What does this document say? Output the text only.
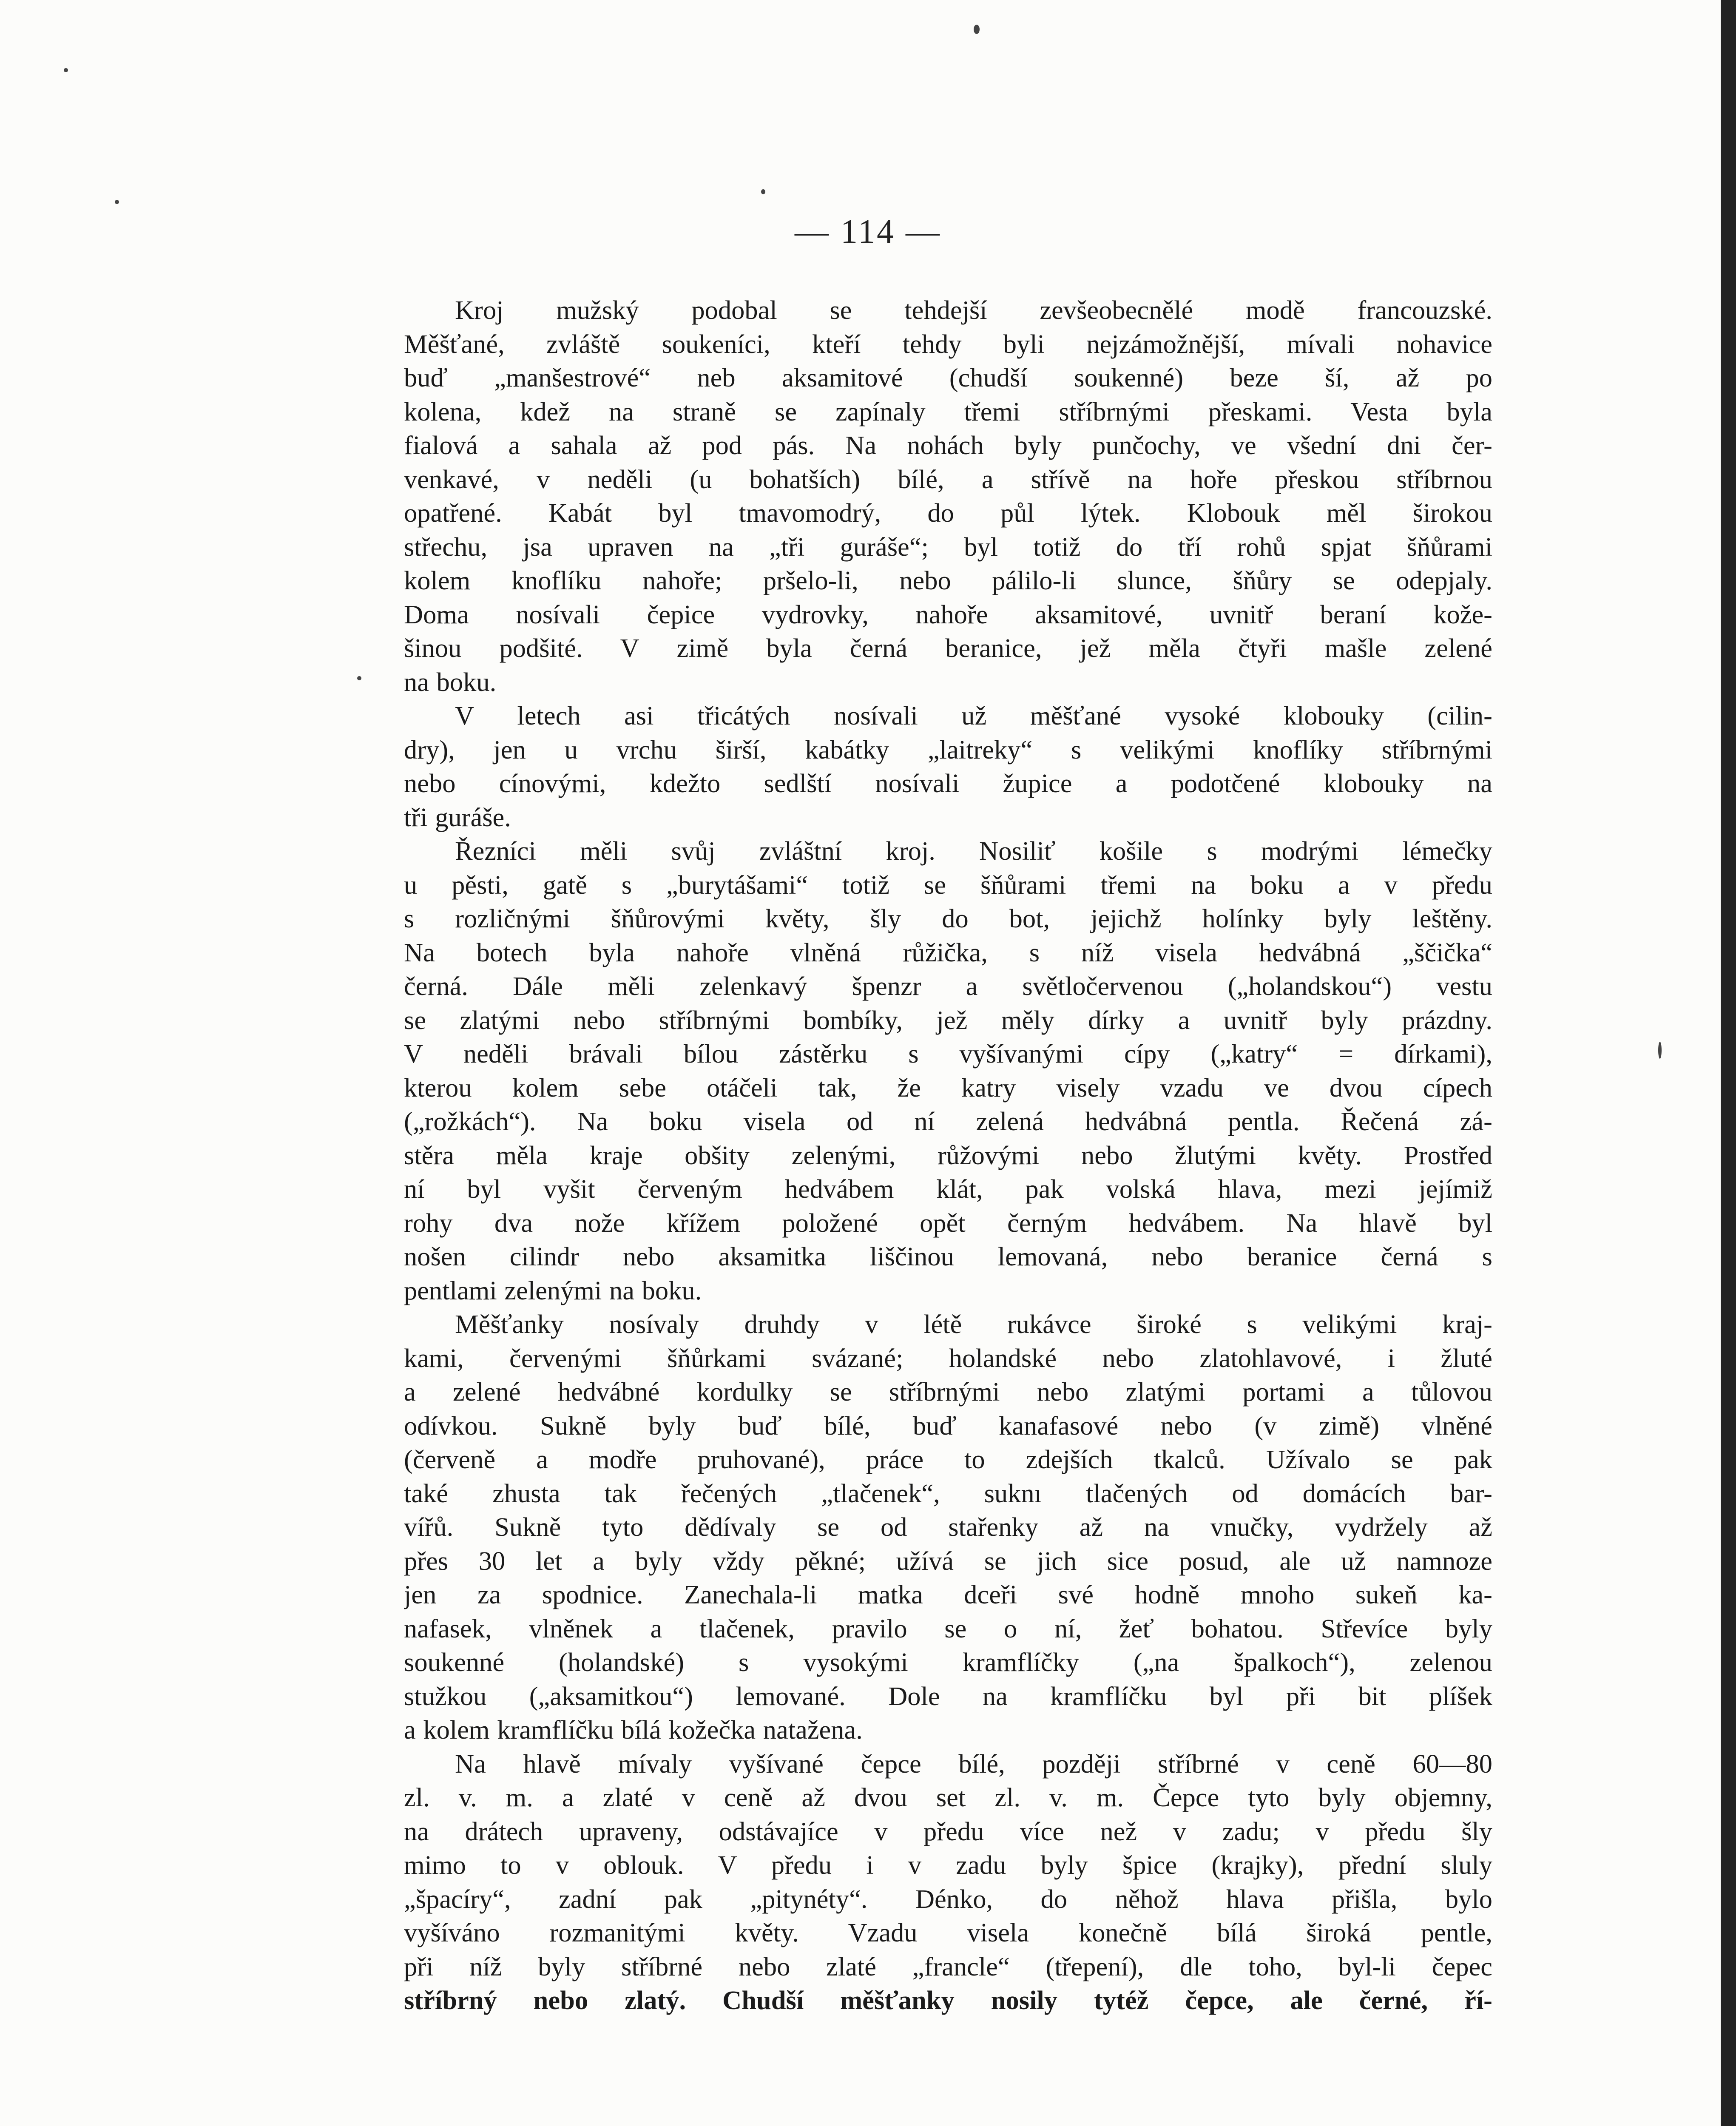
— 114 —
Kroj mužský podobal se tehdejší zevšeobecnělé modě francouzské.
Měšťané, zvláště soukeníci, kteří tehdy byli nejzámožnější, mívali nohavice
buď „manšestrové“ neb aksamitové (chudší soukenné) beze ší, až po
kolena, kdež na straně se zapínaly třemi stříbrnými přeskami. Vesta byla
fialová a sahala až pod pás. Na nohách byly punčochy, ve všední dni čer-
venkavé, v neděli (u bohatších) bílé, a střívě na hoře přeskou stříbrnou
opatřené. Kabát byl tmavomodrý, do půl lýtek. Klobouk měl širokou
střechu, jsa upraven na „tři guráše“; byl totiž do tří rohů spjat šňůrami
kolem knoflíku nahoře; pršelo-li, nebo pálilo-li slunce, šňůry se odepjaly.
Doma nosívali čepice vydrovky, nahoře aksamitové, uvnitř beraní kože-
šinou podšité. V zimě byla černá beranice, jež měla čtyři mašle zelené
na boku.
V letech asi třicátých nosívali už měšťané vysoké klobouky (cilin-
dry), jen u vrchu širší, kabátky „laitreky“ s velikými knoflíky stříbrnými
nebo cínovými, kdežto sedlští nosívali župice a podotčené klobouky na
tři guráše.
Řezníci měli svůj zvláštní kroj. Nosiliť košile s modrými lémečky
u pěsti, gatě s „burytášami“ totiž se šňůrami třemi na boku a v předu
s rozličnými šňůrovými květy, šly do bot, jejichž holínky byly leštěny.
Na botech byla nahoře vlněná růžička, s níž visela hedvábná „ščička“
černá. Dále měli zelenkavý špenzr a světločervenou („holandskou“) vestu
se zlatými nebo stříbrnými bombíky, jež měly dírky a uvnitř byly prázdny.
V neděli brávali bílou zástěrku s vyšívanými cípy („katry“ = dírkami),
kterou kolem sebe otáčeli tak, že katry visely vzadu ve dvou cípech
(„rožkách“). Na boku visela od ní zelená hedvábná pentla. Řečená zá-
stěra měla kraje obšity zelenými, růžovými nebo žlutými květy. Prostřed
ní byl vyšit červeným hedvábem klát, pak volská hlava, mezi jejímiž
rohy dva nože křížem položené opět černým hedvábem. Na hlavě byl
nošen cilindr nebo aksamitka liščinou lemovaná, nebo beranice černá s
pentlami zelenými na boku.
Měšťanky nosívaly druhdy v létě rukávce široké s velikými kraj-
kami, červenými šňůrkami svázané; holandské nebo zlatohlavové, i žluté
a zelené hedvábné kordulky se stříbrnými nebo zlatými portami a tůlovou
odívkou. Sukně byly buď bílé, buď kanafasové nebo (v zimě) vlněné
(červeně a modře pruhované), práce to zdejších tkalců. Užívalo se pak
také zhusta tak řečených „tlačenek“, suknı tlačených od domácích bar-
vířů. Sukně tyto dědívaly se od stařenky až na vnučky, vydržely až
přes 30 let a byly vždy pěkné; užívá se jich sice posud, ale už namnoze
jen za spodnice. Zanechala-li matka dceři své hodně mnoho sukeň ka-
nafasek, vlněnek a tlačenek, pravilo se o ní, žeť bohatou. Střevíce byly
soukenné (holandské) s vysokými kramflíčky („na špalkoch“), zelenou
stužkou („aksamitkou“) lemované. Dole na kramflíčku byl při bit plíšek
a kolem kramflíčku bílá kožečka natažena.
Na hlavě mívaly vyšívané čepce bílé, později stříbrné v ceně 60—80
zl. v. m. a zlaté v ceně až dvou set zl. v. m. Čepce tyto byly objemny,
na drátech upraveny, odstávajíce v předu více než v zadu; v předu šly
mimo to v oblouk. V předu i v zadu byly špice (krajky), přední sluly
„špacíry“, zadní pak „pitynéty“. Dénko, do něhož hlava přišla, bylo
vyšíváno rozmanitými květy. Vzadu visela konečně bílá široká pentle,
při níž byly stříbrné nebo zlaté „francle“ (třepení), dle toho, byl-li čepec
stříbrný nebo zlatý. Chudší měšťanky nosily tytéž čepce, ale černé, ří-
